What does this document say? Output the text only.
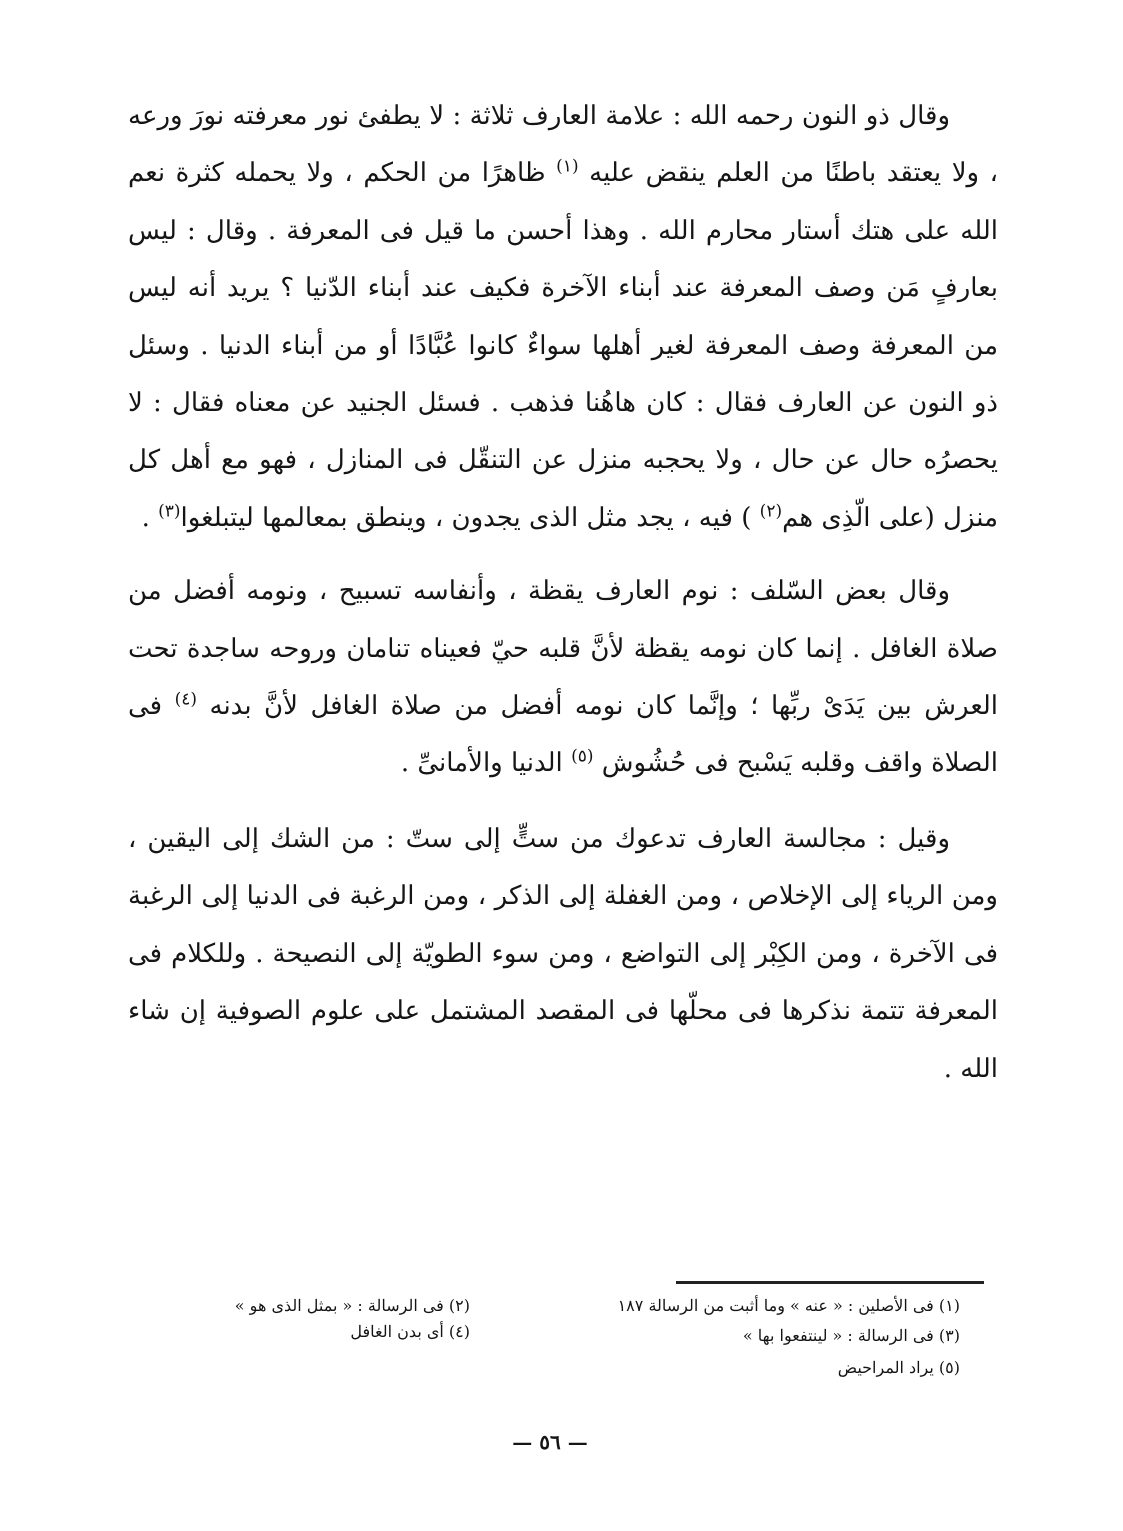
وقال ذو النون رحمه الله : علامة العارف ثلاثة : لا يطفئ نور معرفته نورَ ورعه ، ولا يعتقد باطنًا من العلم ينقض عليه $^{(١)}$ ظاهرًا من الحكم ، ولا يحمله كثرة نعم الله على هتك أستار محارم الله . وهذا أحسن ما قيل فى المعرفة . وقال : ليس بعارفٍ مَن وصف المعرفة عند أبناء الآخرة فكيف عند أبناء الدّنيا ؟ يريد أنه ليس من المعرفة وصف المعرفة لغير أهلها سواءٌ كانوا عُبَّادًا أو من أبناء الدنيا . وسئل ذو النون عن العارف فقال : كان هاهُنا فذهب . فسئل الجنيد عن معناه فقال : لا يحصرُه حال عن حال ، ولا يحجبه منزل عن التنقّل فى المنازل ، فهو مع أهل كل منزل (على الّذِى هم$^{(٢)}$ ) فيه ، يجد مثل الذى يجدون ، وينطق بمعالمها ليتبلغوا$^{(٣)}$ .

وقال بعض السّلف : نوم العارف يقظة ، وأنفاسه تسبيح ، ونومه أفضل من صلاة الغافل . إنما كان نومه يقظة لأنَّ قلبه حيّ فعيناه تناماﻥ وروحه ساجدة تحت العرش بين يَدَىْ ربِّها ؛ وإنَّما كان نومه أفضل من صلاة الغافل لأنَّ بدنه $^{(٤)}$ فى الصلاة واقف وقلبه يَسْبح فى حُشُوش $^{(٥)}$ الدنيا والأمانىِّ .

وقيل : مجالسة العارف تدعوك من ستٍّ إلى ستّ : من الشك إلى اليقين ، ومن الرياء إلى الإخلاص ، ومن الغفلة إلى الذكر ، ومن الرغبة فى الدنيا إلى الرغبة فى الآخرة ، ومن الكِبْر إلى التواضع ، ومن سوء الطويّة إلى النصيحة . وللكلام فى المعرفة تتمة نذكرها فى محلّها فى المقصد المشتمل على علوم الصوفية إن شاء الله .

(١) فى الأصلين : « عنه » وما أثبت من الرسالة ١٨٧
(٢) فى الرسالة : « بمثل الذى هو »
(٣) فى الرسالة : « لينتفعوا بها »
(٤) أى بدن الغافل
(٥) يراد المراحيض
— ٥٦ —
